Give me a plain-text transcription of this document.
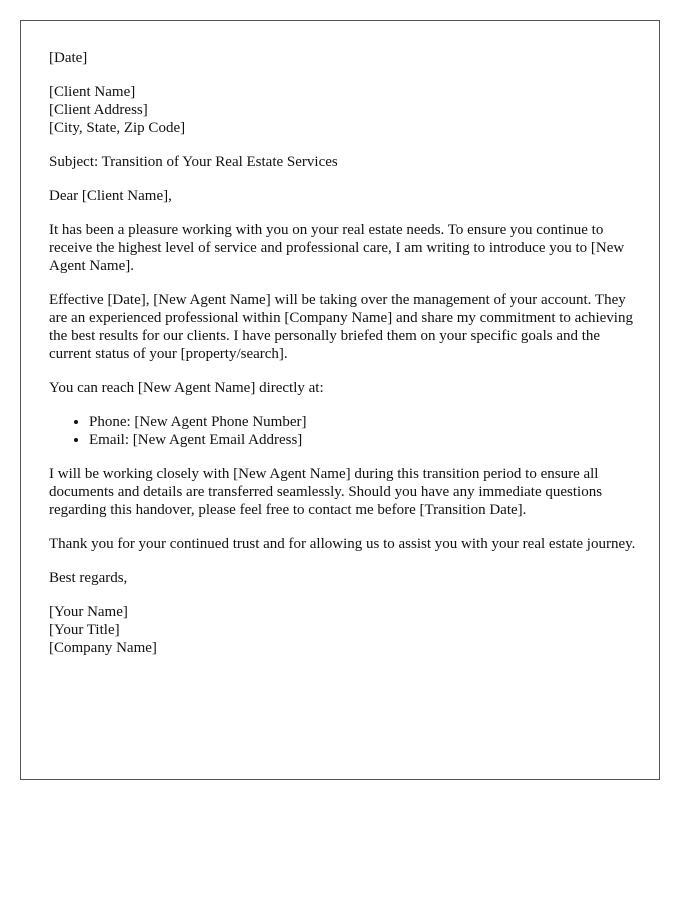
[Date]
[Client Name]
[Client Address]
[City, State, Zip Code]

Subject: Transition of Your Real Estate Services

Dear [Client Name],

It has been a pleasure working with you on your real estate needs. To ensure you continue to receive the highest level of service and professional care, I am writing to introduce you to [New Agent Name].

Effective [Date], [New Agent Name] will be taking over the management of your account. They are an experienced professional within [Company Name] and share my commitment to achieving the best results for our clients. I have personally briefed them on your specific goals and the current status of your [property/search].

You can reach [New Agent Name] directly at:

• Phone: [New Agent Phone Number]
• Email: [New Agent Email Address]

I will be working closely with [New Agent Name] during this transition period to ensure all documents and details are transferred seamlessly. Should you have any immediate questions regarding this handover, please feel free to contact me before [Transition Date].

Thank you for your continued trust and for allowing us to assist you with your real estate journey.

Best regards,

[Your Name]
[Your Title]
[Company Name]
